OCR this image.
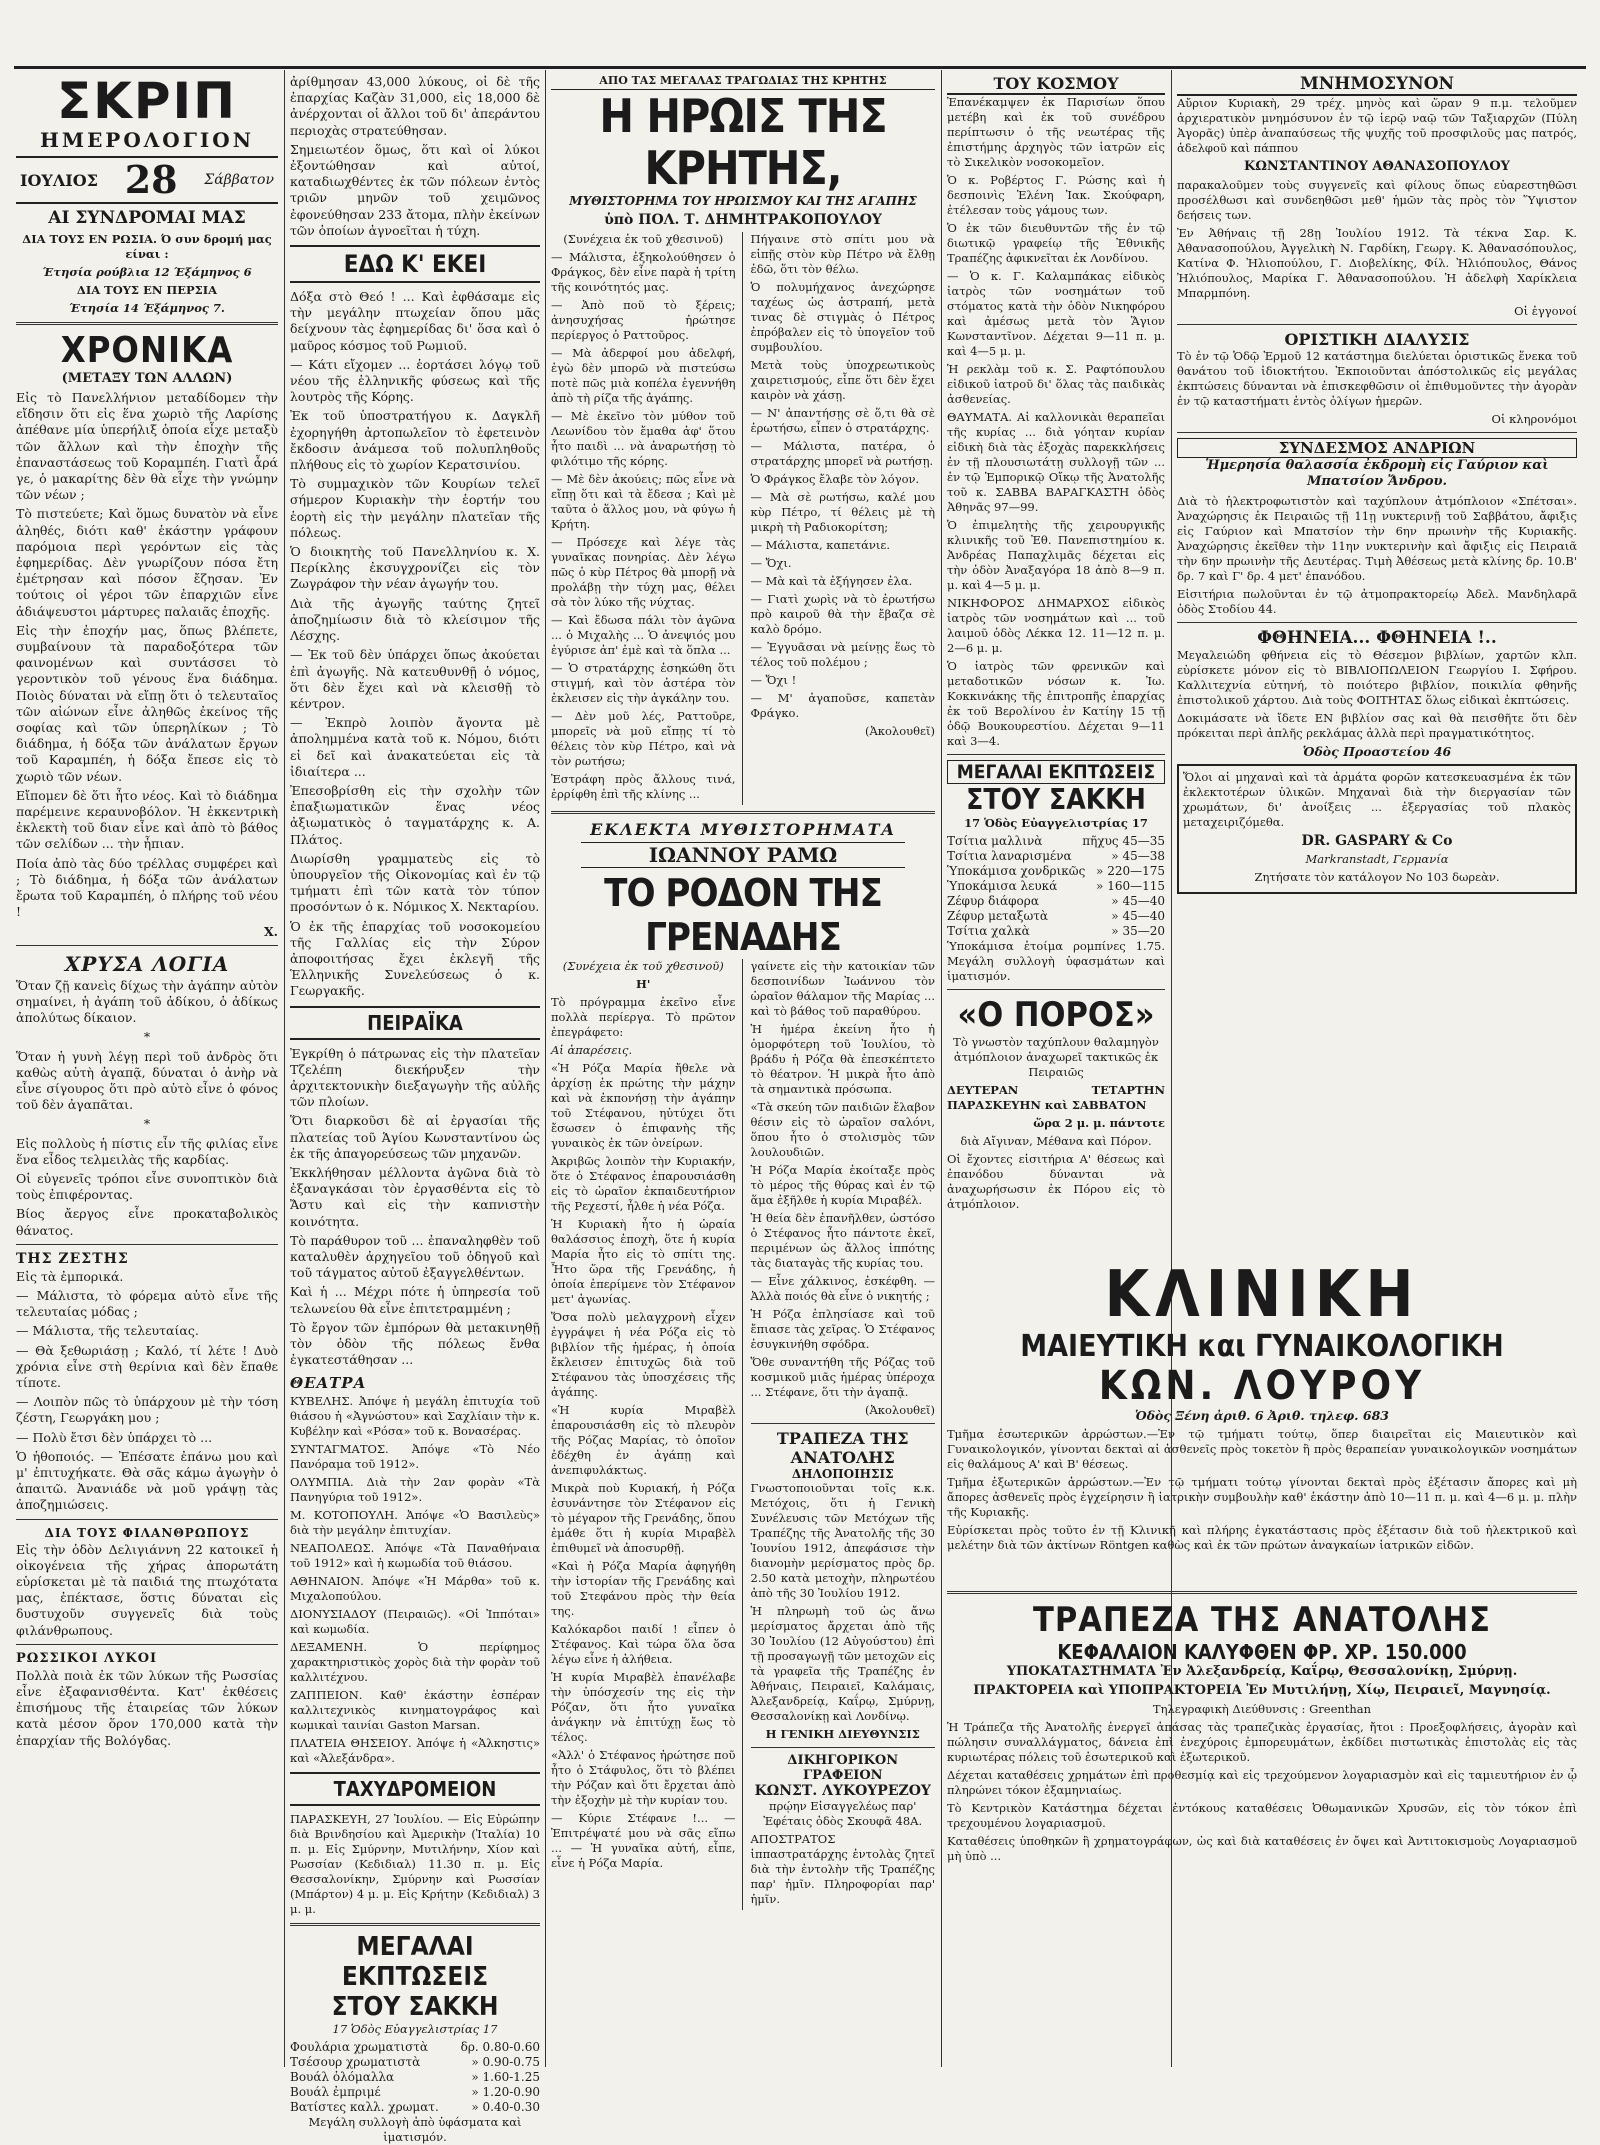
ΣΚΡΙΠ
ΗΜΕΡΟΛΟΓΙΟΝ
ΙΟΥΛΙΟΣ 28 Σάββατον
ΑΙ ΣΥΝΔΡΟΜΑΙ ΜΑΣ

ΔΙΑ ΤΟΥΣ ΕΝ ΡΩΣΙΑ. Ό συν δρομή μας είναι :

Έτησία ρούβλια 12 Έξάμηνος 6

ΔΙΑ ΤΟΥΣ ΕΝ ΠΕΡΣΙΑ

Έτησία 14 Έξάμηνος 7.

ΧΡΟΝΙΚΑ
(ΜΕΤΑΞΥ ΤΩΝ ΑΛΛΩΝ)

Εἰς τὸ Πανελλήνιον μεταδίδομεν τὴν εἴδησιν ὅτι εἰς ἕνα χωριὸ τῆς Λαρίσης ἀπέθανε μία ὑπερήλιξ ὁποία εἶχε μεταξὺ τῶν ἄλλων καὶ τὴν ἐποχὴν τῆς ἐπαναστάσεως τοῦ Κοραμπέη. Γιατὶ ἆρά γε, ὁ μακαρίτης δὲν θὰ εἶχε τὴν γνώμην τῶν νέων ;

Τὸ πιστεύετε; Καὶ ὅμως δυνατὸν νὰ εἶνε ἀληθές, διότι καθ' ἑκάστην γράφουν παρόμοια περὶ γερόντων εἰς τὰς ἐφημερίδας. Δὲν γνωρίζουν πόσα ἔτη ἐμέτρησαν καὶ πόσον ἔζησαν. Ἐν τούτοις οἱ γέροι τῶν ἐπαρχιῶν εἶνε ἀδιάψευστοι μάρτυρες παλαιᾶς ἐποχῆς.

Εἰς τὴν ἐποχήν μας, ὅπως βλέπετε, συμβαίνουν τὰ παραδοξότερα τῶν φαινομένων καὶ συντάσσει τὸ γεροντικὸν τοῦ γένους ἕνα διάδημα. Ποιὸς δύναται νὰ εἴπῃ ὅτι ὁ τελευταῖος τῶν αἰώνων εἶνε ἀληθῶς ἐκείνος τῆς σοφίας καὶ τῶν ὑπερηλίκων ; Τὸ διάδημα, ἡ δόξα τῶν ἀνάλατων ἔργων τοῦ Καραμπέη, ἡ δόξα ἔπεσε εἰς τὸ χωριὸ τῶν νέων.

Εἴπομεν δὲ ὅτι ἦτο νέος. Καὶ τὸ διάδημα παρέμεινε κεραυνοβόλον. Ἡ ἐκκεντρικὴ ἐκλεκτὴ τοῦ διαν εἶνε καὶ ἀπὸ τὸ βάθος τῶν σελίδων ... τὴν ἦπιαν.

Ποία ἀπὸ τὰς δύο τρέλλας συμφέρει καὶ ; Τὸ διάδημα, ἡ δόξα τῶν ἀνάλατων ἔρωτα τοῦ Καραμπέη, ὁ πλήρης τοῦ νέου !

X.

ΧΡΥΣΑ ΛΟΓΙΑ

Ὅταν ζῇ κανεὶς δίχως τὴν ἀγάπην αὐτὸν σημαίνει, ἡ ἀγάπη τοῦ ἀδίκου, ὁ ἀδίκως ἀπολύτως δίκαιον.

*

Ὅταν ἡ γυνὴ λέγῃ περὶ τοῦ ἀνδρὸς ὅτι καθὼς αὐτὴ ἀγαπᾷ, δύναται ὁ ἀνὴρ νὰ εἶνε σίγουρος ὅτι πρὸ αὐτὸ εἶνε ὁ φόνος τοῦ δὲν ἀγαπᾶται.

*

Εἰς πολλοὺς ἡ πίστις εἶν τῆς φιλίας εἶνε ἕνα εἶδος τελμειλὰς τῆς καρδίας.

Οἱ εὐγενεῖς τρόποι εἶνε συνοπτικὸν διὰ τοὺς ἐπιφέροντας.

Βίος ἄεργος εἶνε προκαταβολικὸς θάνατος.

ΤΗΣ ΖΕΣΤΗΣ

Εἰς τὰ ἐμπορικά.

— Μάλιστα, τὸ φόρεμα αὐτὸ εἶνε τῆς τελευταίας μόδας ;

— Μάλιστα, τῆς τελευταίας.

— Θὰ ξεθωριάσῃ ; Καλό, τί λέτε ! Δυὸ χρόνια εἶνε στὴ θερίνια καὶ δὲν ἔπαθε τίποτε.

— Λοιπὸν πῶς τὸ ὑπάρχουν μὲ τὴν τόση ζέστη, Γεωργάκη μου ;

— Πολὺ ἔτσι δὲν ὑπάρχει τὸ ...

Ὁ ἡθοποιός. — Ἐπέσατε ἐπάνω μου καὶ μ' ἐπιτυχήκατε. Θὰ σᾶς κάμω ἀγωγὴν ὁ ἀπαιτῶ. Ἀνανιάδε νὰ μοῦ γράψῃ τὰς ἀποζημιώσεις.

ΔΙΑ ΤΟΥΣ ΦΙΛΑΝΘΡΩΠΟΥΣ

Εἰς τὴν ὁδὸν Δελιγιάννη 22 κατοικεῖ ἡ οἰκογένεια τῆς χήρας ἀπορωτάτη εὑρίσκεται μὲ τὰ παιδιά της πτωχότατα μας, ἐπέκτασε, ὅστις δύναται εἰς δυστυχοῦν συγγενεῖς διὰ τοὺς φιλάνθρωπους.

ΡΩΣΣΙΚΟΙ ΛΥΚΟΙ

Πολλὰ ποιὰ ἐκ τῶν λύκων τῆς Ρωσσίας εἶνε ἐξαφανισθέντα. Κατ' ἐκθέσεις ἐπισήμους τῆς ἑταιρείας τῶν λύκων κατὰ μέσον ὅρον 170,000 κατὰ τὴν ἐπαρχίαν τῆς Βολόγδας.

ἀρίθμησαν 43,000 λύκους, οἱ δὲ τῆς ἐπαρχίας Καζὰν 31,000, εἰς 18,000 δὲ ἀνέρχονται οἱ ἄλλοι τοῦ δι' ἀπεράντου περιοχὰς στρατεύθησαν.

Σημειωτέον ὅμως, ὅτι καὶ οἱ λύκοι ἐξοντώθησαν καὶ αὐτοί, καταδιωχθέντες ἐκ τῶν πόλεων ἐντὸς τριῶν μηνῶν τοῦ χειμῶνος ἐφονεύθησαν 233 ἄτομα, πλὴν ἐκείνων τῶν ὁποίων ἀγνοεῖται ἡ τύχη.

ΕΔΩ Κ' ΕΚΕΙ

Δόξα στὸ Θεό ! ... Καὶ ἐφθάσαμε εἰς τὴν μεγάλην πτωχείαν ὅπου μᾶς δείχνουν τὰς ἐφημερίδας δι' ὅσα καὶ ὁ μαῦρος κόσμος τοῦ Ρωμιοῦ.

— Κάτι εἴχομεν ... ἑορτάσει λόγῳ τοῦ νέου τῆς ἑλληνικῆς φύσεως καὶ τῆς λουτρὸς τῆς Κόρης.

Ἐκ τοῦ ὑποστρατήγου κ. Δαγκλῆ ἐχορηγήθη ἀρτοπωλεῖον τὸ ἐφετεινὸν ἔκδοσιν ἀνάμεσα τοῦ πολυπληθοῦς πλήθους εἰς τὸ χωρίον Κερατσινίου.

Τὸ συμμαχικὸν τῶν Κουρίων τελεῖ σήμερον Κυριακὴν τὴν ἑορτήν του ἑορτὴ εἰς τὴν μεγάλην πλατεῖαν τῆς πόλεως.

Ὁ διοικητὴς τοῦ Πανελληνίου κ. Χ. Περίκλης ἐκσυγχρονίζει εἰς τὸν Ζωγράφον τὴν νέαν ἀγωγήν του.

Διὰ τῆς ἀγωγῆς ταύτης ζητεῖ ἀποζημίωσιν διὰ τὸ κλείσιμον τῆς Λέσχης.

— Ἐκ τοῦ δὲν ὑπάρχει ὅπως ἀκούεται ἐπὶ ἀγωγῆς. Νὰ κατευθυνθῇ ὁ νόμος, ὅτι δὲν ἔχει καὶ νὰ κλεισθῇ τὸ κέντρον.

— Ἐκπρὸ λοιπὸν ἄγοντα μὲ ἀπολημμένα κατὰ τοῦ κ. Νόμου, διότι εἰ δεῖ καὶ ἀνακατεύεται εἰς τὰ ἰδιαίτερα ...

Ἐπεσοβρίσθη εἰς τὴν σχολὴν τῶν ἐπαξιωματικῶν ἕνας νέος ἀξιωματικὸς ὁ ταγματάρχης κ. Α. Πλάτος.

Διωρίσθη γραμματεὺς εἰς τὸ ὑπουργεῖον τῆς Οἰκονομίας καὶ ἐν τῷ τμήματι ἐπὶ τῶν κατὰ τὸν τύπον προσόντων ὁ κ. Νόμικος Χ. Νεκταρίου.

Ὁ ἐκ τῆς ἐπαρχίας τοῦ νοσοκομείου τῆς Γαλλίας εἰς τὴν Σύρον ἀποφοιτήσας ἔχει ἐκλεγῆ τῆς Ἑλληνικῆς Συνελεύσεως ὁ κ. Γεωργακῆς.

ΠΕΙΡΑΪΚΑ

Ἐγκρίθη ὁ πάτρωνας εἰς τὴν πλατεῖαν Τζελέπη διεκήρυξεν τὴν ἀρχιτεκτονικὴν διεξαγωγὴν τῆς αὐλῆς τῶν πλοίων.

Ὅτι διαρκοῦσι δὲ αἱ ἐργασίαι τῆς πλατείας τοῦ Ἁγίου Κωνσταντίνου ὡς ἐκ τῆς ἀπαγορεύσεως τῶν μηχανῶν.

Ἐκκλήθησαν μέλλοντα ἀγῶνα διὰ τὸ ἐξαναγκάσαι τὸν ἐργασθέντα εἰς τὸ Ἄστυ καὶ εἰς τὴν καπνιστὴν κοινότητα.

Τὸ παράθυρον τοῦ ... ἐπαναληφθὲν τοῦ καταλυθὲν ἀρχηγεῖου τοῦ ὁδηγοῦ καὶ τοῦ τάγματος αὐτοῦ ἐξαγγελθέντων.

Καὶ ἡ ... Μέχρι πότε ἡ ὑπηρεσία τοῦ τελωνείου θὰ εἶνε ἐπιτετραμμένη ;

Τὸ ἔργον τῶν ἐμπόρων θὰ μετακινηθῇ τὸν ὁδὸν τῆς πόλεως ἔνθα ἐγκατεστάθησαν ...

ΘΕΑΤΡΑ

ΚΥΒΕΛΗΣ. Ἀπόψε ἡ μεγάλη ἐπιτυχία τοῦ θιάσου ἡ «Ἀγνώστου» καὶ Σαχλίαιν τὴν κ. Κυβέλην καὶ «Ρόσα» τοῦ κ. Βονασέρας.

ΣΥΝΤΑΓΜΑΤΟΣ. Ἀπόψε «Τὸ Νέο Πανόραμα τοῦ 1912».

ΟΛΥΜΠΙΑ. Διὰ τὴν 2αν φορὰν «Τὰ Πανηγύρια τοῦ 1912».

Μ. ΚΟΤΟΠΟΥΛΗ. Ἀπόψε «Ὁ Βασιλεὺς» διὰ τὴν μεγάλην ἐπιτυχίαν.

ΝΕΑΠΟΛΕΩΣ. Ἀπόψε «Τὰ Παναθήναια τοῦ 1912» καὶ ἡ κωμωδία τοῦ θιάσου.

ΑΘΗΝΑΙΟΝ. Ἀπόψε «Ἡ Μάρθα» τοῦ κ. Μιχαλοπούλου.

ΔΙΟΝΥΣΙΑΔΟΥ (Πειραιῶς). «Οἱ Ἰππόται» καὶ κωμωδία.

ΔΕΞΑΜΕΝΗ. Ὁ περίφημος χαρακτηριστικὸς χορὸς διὰ τὴν φορὰν τοῦ καλλιτέχνου.

ΖΑΠΠΕΙΟΝ. Καθ' ἑκάστην ἑσπέραν καλλιτεχνικὸς κινηματογράφος καὶ κωμικαὶ ταινίαι Gaston Marsan.

ΠΛΑΤΕΙΑ ΘΗΣΕΙΟΥ. Ἀπόψε ἡ «Ἀλκηστις» καὶ «Ἀλεξάνδρα».

ΤΑΧΥΔΡΟΜΕΙΟΝ

ΠΑΡΑΣΚΕΥΗ, 27 Ἰουλίου. — Εἰς Εὐρώπην διὰ Βρινδησίου καὶ Ἀμερικὴν (Ἰταλία) 10 π. μ. Εἰς Σμύρνην, Μυτιλήνην, Χίον καὶ Ρωσσίαν (Κεδιδιαλ) 11.30 π. μ. Εἰς Θεσσαλονίκην, Σμύρνην καὶ Ρωσσίαν (Μπάρτον) 4 μ. μ. Εἰς Κρήτην (Κεδιδιαλ) 3 μ. μ.

ΜΕΓΑΛΑΙ ΕΚΠΤΩΣΕΙΣ
ΣΤΟΥ ΣΑΚΚΗ

17 Ὁδὸς Εὐαγγελιστρίας 17

Φουλάρια χρωματιστὰ	δρ. 0.80-0.60
Τσέσουρ χρωματιστὰ	» 0.90-0.75
Βουάλ ὁλόμαλλα	» 1.60-1.25
Βουάλ ἐμπριμέ	» 1.20-0.90
Βατίστες καλλ. χρωματ.	» 0.40-0.30

Μεγάλη συλλογὴ ἀπὸ ὑφάσματα καὶ ἱματισμόν.

ΑΠΟ ΤΑΣ ΜΕΓΑΛΑΣ ΤΡΑΓΩΔΙΑΣ ΤΗΣ ΚΡΗΤΗΣ
Η ΗΡΩΙΣ ΤΗΣ ΚΡΗΤΗΣ,
ΜΥΘΙΣΤΟΡΗΜΑ ΤΟΥ ΗΡΩΙΣΜΟΥ ΚΑΙ ΤΗΣ ΑΓΑΠΗΣ
ὑπὸ ΠΟΛ. Τ. ΔΗΜΗΤΡΑΚΟΠΟΥΛΟΥ

(Συνέχεια ἐκ τοῦ χθεσινοῦ)

— Μάλιστα, ἐξηκολούθησεν ὁ Φράγκος, δὲν εἶνε παρὰ ἡ τρίτη τῆς κοινότητός μας.

— Ἀπὸ ποῦ τὸ ξέρεις; ἀνησυχήσας ἠρώτησε περίεργος ὁ Ραττοῦρος.

— Μὰ ἀδερφοί μου ἀδελφή, ἐγὼ δὲν μπορῶ νὰ πιστεύσω ποτὲ πῶς μιὰ κοπέλα ἐγεννήθη ἀπὸ τὴ ρίζα τῆς ἀγάπης.

— Μὲ ἐκεῖνο τὸν μύθον τοῦ Λεωνίδου τὸν ἔμαθα ἀφ' ὅτου ἦτο παιδὶ ... νὰ ἀναρωτήσῃ τὸ φιλότιμο τῆς κόρης.

— Μὲ δὲν ἀκούεις; πῶς εἶνε νὰ εἴπῃ ὅτι καὶ τὰ ἔδεσα ; Καὶ μὲ ταῦτα ὁ ἅλλος μου, νὰ φύγω ἡ Κρήτη.

— Πρόσεχε καὶ λέγε τὰς γυναῖκας πονηρίας. Δὲν λέγω πῶς ὁ κὺρ Πέτρος θὰ μπορῇ νὰ προλάβῃ τὴν τύχη μας, θέλει σὰ τὸν λύκο τῆς νύχτας.

— Καὶ ἔδωσα πάλι τὸν ἀγῶνα ... ὁ Μιχαλὴς ... Ὁ ἀνεψιός μου ἐγύρισε ἀπ' ἐμὲ καὶ τὰ ὅπλα ...

— Ὁ στρατάρχης ἐσηκώθη ὅτι στιγμή, καὶ τὸν ἀστέρα τὸν ἐκλεισεν εἰς τὴν ἀγκάλην του.

— Δὲν μοῦ λές, Ραττοῦρε, μπορεῖς νὰ μοῦ εἴπῃς τί τὸ θέλεις τὸν κὺρ Πέτρο, καὶ νὰ τὸν ρωτήσω;

Ἐστράφη πρὸς ἄλλους τινά, ἐρρίφθη ἐπὶ τῆς κλίνης ...

Πήγαινε στὸ σπίτι μου νὰ εἰπῇς στὸν κὺρ Πέτρο νὰ ἔλθῃ ἐδῶ, ὅτι τὸν θέλω.

Ὁ πολυμήχανος ἀνεχώρησε ταχέως ὡς ἀστραπή, μετὰ τινας δὲ στιγμὰς ὁ Πέτρος ἐπρόβαλεν εἰς τὸ ὑπογεῖον τοῦ συμβουλίου.

Μετὰ τοὺς ὑποχρεωτικοὺς χαιρετισμούς, εἶπε ὅτι δὲν ἔχει καιρὸν νὰ χάσῃ.

— Ν' ἀπαντήσῃς σὲ ὅ,τι θὰ σὲ ἐρωτήσω, εἶπεν ὁ στρατάρχης.

— Μάλιστα, πατέρα, ὁ στρατάρχης μπορεῖ νὰ ρωτήσῃ.

Ὁ Φράγκος ἔλαβε τὸν λόγον.

— Μὰ σὲ ρωτήσω, καλέ μου κὺρ Πέτρο, τί θέλεις μὲ τὴ μικρὴ τὴ Ραδιοκορίτση;

— Μάλιστα, καπετάνιε.

— Ὄχι.

— Μὰ καὶ τὰ ἐξήγησεν ἐλα.

— Γιατὶ χωρὶς νὰ τὸ ἐρωτήσω πρὸ καιροῦ θὰ τὴν ἔβαζα σὲ καλὸ δρόμο.

— Ἐγγυᾶσαι νὰ μείνῃς ἕως τὸ τέλος τοῦ πολέμου ;

— Ὄχι !

— Μ' ἀγαποῦσε, καπετὰν Φράγκο.

(Ἀκολουθεῖ)

ΕΚΛΕΚΤΑ ΜΥΘΙΣΤΟΡΗΜΑΤΑ
ΙΩΑΝΝΟΥ ΡΑΜΩ
ΤΟ ΡΟΔΟΝ ΤΗΣ ΓΡΕΝΑΔΗΣ

(Συνέχεια ἐκ τοῦ χθεσινοῦ)

Η'

Τὸ πρόγραμμα ἐκεῖνο εἶνε πολλὰ περίεργα. Τὸ πρῶτον ἐπεγράφετο:

Αἱ ἀπαρέσεις.

«Ἡ Ρόζα Μαρία ἤθελε νὰ ἀρχίσῃ ἐκ πρώτης τὴν μάχην καὶ νὰ ἐκπονήσῃ τὴν ἀγάπην τοῦ Στέφανου, ηὐτύχει ὅτι ἔσωσεν ὁ ἐπιφανὴς τῆς γυναικὸς ἐκ τῶν ὀνείρων.

Ἀκριβῶς λοιπὸν τὴν Κυριακήν, ὅτε ὁ Στέφανος ἐπαρουσιάσθη εἰς τὸ ὡραῖον ἐκπαιδευτήριον τῆς Ρεχεστί, ἦλθε ἡ νέα Ρόζα.

Ἡ Κυριακὴ ἦτο ἡ ὡραία θαλάσσιος ἐποχὴ, ὅτε ἡ κυρία Μαρία ἦτο εἰς τὸ σπίτι της. Ἦτο ὥρα τῆς Γρενάδης, ἡ ὁποία ἐπερίμενε τὸν Στέφανον μετ' ἀγωνίας.

Ὅσα πολὺ μελαγχρονὴ εἶχεν ἐγγράψει ἡ νέα Ρόζα εἰς τὸ βιβλίον τῆς ἡμέρας, ἡ ὁποία ἔκλεισεν ἐπιτυχῶς διὰ τοῦ Στέφανου τὰς ὑποσχέσεις τῆς ἀγάπης.

«Ἡ κυρία Μιραβὲλ ἐπαρουσιάσθη εἰς τὸ πλευρὸν τῆς Ρόζας Μαρίας, τὸ ὁποῖον ἐδέχθη ἐν ἀγάπῃ καὶ ἀνεπιφυλάκτως.

Μικρὰ ποὺ Κυριακή, ἡ Ρόζα ἐσυνάντησε τὸν Στέφανον εἰς τὸ μέγαρον τῆς Γρενάδης, ὅπου ἐμάθε ὅτι ἡ κυρία Μιραβὲλ ἐπιθυμεῖ νὰ ἀποσυρθῇ.

«Καὶ ἡ Ρόζα Μαρία ἀφηγήθη τὴν ἱστορίαν τῆς Γρενάδης καὶ τοῦ Στεφάνου πρὸς τὴν θεία της.

Καλόκαρδοι παιδί ! εἶπεν ὁ Στέφανος. Καὶ τώρα ὅλα ὅσα λέγω εἶνε ἡ ἀλήθεια.

Ἡ κυρία Μιραβὲλ ἐπανέλαβε τὴν ὑπόσχεσίν της εἰς τὴν Ρόζαν, ὅτι ἦτο γυναῖκα ἀνάγκην νὰ ἐπιτύχῃ ἔως τὸ τέλος.

«Ἀλλ' ὁ Στέφανος ἠρώτησε ποῦ ἦτο ὁ Στάφυλος, ὅτι τὸ βλέπει τὴν Ρόζαν καὶ ὅτι ἔρχεται ἀπὸ τὴν ἐξοχὴν μὲ τὴν κυρίαν του.

— Κύριε Στέφανε !... — Ἐπιτρέψατέ μου νὰ σᾶς εἴπω ... — Ἡ γυναῖκα αὐτή, εἶπε, εἶνε ἡ Ρόζα Μαρία.

γαίνετε εἰς τὴν κατοικίαν τῶν δεσποινίδων Ἰωάννου τὸν ὡραῖον θάλαμον τῆς Μαρίας ... καὶ τὸ βάθος τοῦ παραθύρου.

Ἡ ἡμέρα ἐκείνη ἦτο ἡ ὁμορφότερη τοῦ Ἰουλίου, τὸ βράδυ ἡ Ρόζα θὰ ἐπεσκέπτετο τὸ θέατρον. Ἡ μικρὰ ἦτο ἀπὸ τὰ σημαντικὰ πρόσωπα.

«Τὰ σκεύη τῶν παιδιῶν ἔλαβον θέσιν εἰς τὸ ὡραῖον σαλόνι, ὅπου ἦτο ὁ στολισμὸς τῶν λουλουδιῶν.

Ἡ Ρόζα Μαρία ἐκοίταξε πρὸς τὸ μέρος τῆς θύρας καὶ ἐν τῷ ἅμα ἐξῆλθε ἡ κυρία Μιραβέλ.

Ἡ θεία δὲν ἐπανῆλθεν, ὡστόσο ὁ Στέφανος ἦτο πάντοτε ἐκεῖ, περιμένων ὡς ἄλλος ἱππότης τὰς διαταγὰς τῆς κυρίας του.

— Εἶνε χάλκινος, ἐσκέφθη. — Ἀλλὰ ποιός θὰ εἶνε ὁ νικητής ;

Ἡ Ρόζα ἐπλησίασε καὶ τοῦ ἔπιασε τὰς χεῖρας. Ὁ Στέφανος ἐσυγκινήθη σφόδρα.

Ὅθε συναντήθη τῆς Ρόζας τοῦ κοσμικοῦ μιᾶς ἡμέρας ὑπέροχα ... Στέφανε, ὅτι τὴν ἀγαπᾷ.

(Ἀκολουθεῖ)

ΤΡΑΠΕΖΑ ΤΗΣ ΑΝΑΤΟΛΗΣ
ΔΗΛΟΠΟΙΗΣΙΣ

Γνωστοποιοῦνται τοῖς κ.κ. Μετόχοις, ὅτι ἡ Γενικὴ Συνέλευσις τῶν Μετόχων τῆς Τραπέζης τῆς Ἀνατολῆς τῆς 30 Ἰουνίου 1912, ἀπεφάσισε τὴν διανομὴν μερίσματος πρὸς δρ. 2.50 κατὰ μετοχὴν, πληρωτέου ἀπὸ τῆς 30 Ἰουλίου 1912.

Ἡ πληρωμὴ τοῦ ὡς ἄνω μερίσματος ἄρχεται ἀπὸ τῆς 30 Ἰουλίου (12 Αὐγούστου) ἐπὶ τῇ προσαγωγῇ τῶν μετοχῶν εἰς τὰ γραφεῖα τῆς Τραπέζης ἐν Ἀθήναις, Πειραιεῖ, Καλάμαις, Ἀλεξανδρείᾳ, Καΐρῳ, Σμύρνῃ, Θεσσαλονίκῃ καὶ Λονδίνῳ.

Η ΓΕΝΙΚΗ ΔΙΕΥΘΥΝΣΙΣ

ΔΙΚΗΓΟΡΙΚΟΝ ΓΡΑΦΕΙΟΝ
ΚΩΝΣΤ. ΛΥΚΟΥΡΕΖΟΥ

πρῴην Εἰσαγγελέως παρ' Ἐφέταις ὁδὸς Σκουφᾶ 48Α.

ΑΠΟΣΤΡΑΤΟΣ ἱππαστρατάρχης ἐντολὰς ζητεῖ διὰ τὴν ἐντολὴν τῆς Τραπέζης παρ' ἡμῖν. Πληροφορίαι παρ' ἡμῖν.

ΤΟΥ ΚΟΣΜΟΥ

Ἐπανέκαμψεν ἐκ Παρισίων ὅπου μετέβη καὶ ἐκ τοῦ συνέδρου περίπτωσιν ὁ τῆς νεωτέρας τῆς ἐπιστήμης ἀρχηγὸς τῶν ἰατρῶν εἰς τὸ Σικελικὸν νοσοκομεῖον.

Ὁ κ. Ροβέρτος Γ. Ρώσης καὶ ἡ δεσποινὶς Ἑλένη Ἰακ. Σκούφαρη, ἐτέλεσαν τοὺς γάμους των.

Ὁ ἐκ τῶν διευθυντῶν τῆς ἐν τῷ διωτικῷ γραφείῳ τῆς Ἐθνικῆς Τραπέζης ἀφικνεῖται ἐκ Λονδίνου.

— Ὁ κ. Γ. Καλαμπάκας εἰδικὸς ἰατρὸς τῶν νοσημάτων τοῦ στόματος κατὰ τὴν ὁδὸν Νικηφόρου καὶ ἀμέσως μετὰ τὸν Ἅγιον Κωνσταντῖνον. Δέχεται 9—11 π. μ. καὶ 4—5 μ. μ.

Ἡ ρεκλὰμ τοῦ κ. Σ. Ραφτόπουλου εἰδικοῦ ἰατροῦ δι' ὅλας τὰς παιδικὰς ἀσθενείας.

ΘΑΥΜΑΤΑ. Αἱ καλλονικὰι θεραπεῖαι τῆς κυρίας ... διὰ γόηταν κυρίαν εἰδικὴ διὰ τὰς ἐξοχὰς παρεκκλήσεις ἐν τῇ πλουσιωτάτῃ συλλογῇ τῶν ... ἐν τῷ Ἐμπορικῷ Οἴκῳ τῆς Ἀνατολῆς τοῦ κ. ΣΑΒΒΑ ΒΑΡΑΓΚΑΣΤΗ ὁδὸς Ἀθηνᾶς 97—99.

Ὁ ἐπιμελητὴς τῆς χειρουργικῆς κλινικῆς τοῦ Ἐθ. Πανεπιστημίου κ. Ἀνδρέας Παπαχλιμᾶς δέχεται εἰς τὴν ὁδὸν Ἀναξαγόρα 18 ἀπὸ 8—9 π. μ. καὶ 4—5 μ. μ.

ΝΙΚΗΦΟΡΟΣ ΔΗΜΑΡΧΟΣ εἰδικὸς ἰατρὸς τῶν νοσημάτων καὶ ... τοῦ λαιμοῦ ὁδὸς Λέκκα 12. 11—12 π. μ. 2—6 μ. μ.

Ὁ ἰατρὸς τῶν φρενικῶν καὶ μεταδοτικῶν νόσων κ. Ἰω. Κοκκινάκης τῆς ἐπιτροπῆς ἐπαρχίας ἐκ τοῦ Βερολίνου ἐν Κατίηγ 15 τῇ ὁδῷ Βουκουρεστίου. Δέχεται 9—11 καὶ 3—4.

ΜΕΓΑΛΑΙ ΕΚΠΤΩΣΕΙΣ
ΣΤΟΥ ΣΑΚΚΗ

17 Ὁδὸς Εὐαγγελιστρίας 17

Τσίτια μαλλινὰ	πῆχυς 45—35
Τσίτια λαναρισμένα	» 45—38
Ὑποκάμισα χονδρικῶς » 220—175
Ὑποκάμισα λευκά	» 160—115
Ζέφυρ διάφορα	» 45—40
Ζέφυρ μεταξωτὰ	» 45—40
Τσίτια χαλκὰ	» 35—20

Ὑποκάμισα ἐτοίμα ρομπίνες 1.75. Μεγάλη συλλογὴ ὑφασμάτων καὶ ἱματισμόν.

«Ο ΠΟΡΟΣ»

Τὸ γνωστὸν ταχύπλουν θαλαμηγὸν ἀτμόπλοιον ἀναχωρεῖ τακτικῶς ἐκ Πειραιῶς

ΔΕΥΤΕΡΑΝ ΤΕΤΑΡΤΗΝ ΠΑΡΑΣΚΕΥΗΝ καὶ ΣΑΒΒΑΤΟΝ

ὥρα 2 μ. μ. πάντοτε

διὰ Αἴγιναν, Μέθανα καὶ Πόρον.

Οἱ ἔχοντες εἰσιτήρια Α' θέσεως καὶ ἐπανόδου δύνανται νὰ ἀναχωρήσωσιν ἐκ Πόρου εἰς τὸ ἀτμόπλοιον.

ΜΝΗΜΟΣΥΝΟΝ

Αὔριον Κυριακὴ, 29 τρέχ. μηνὸς καὶ ὥραν 9 π.μ. τελοῦμεν ἀρχιερατικὸν μνημόσυνον ἐν τῷ ἱερῷ ναῷ τῶν Ταξιαρχῶν (Πύλη Ἀγορᾶς) ὑπὲρ ἀναπαύσεως τῆς ψυχῆς τοῦ προσφιλοῦς μας πατρός, ἀδελφοῦ καὶ πάππου

ΚΩΝΣΤΑΝΤΙΝΟΥ ΑΘΑΝΑΣΟΠΟΥΛΟΥ

παρακαλοῦμεν τοὺς συγγενεῖς καὶ φίλους ὅπως εὐαρεστηθῶσι προσέλθωσι καὶ συνδεηθῶσι μεθ' ἡμῶν τὰς πρὸς τὸν Ὕψιστον δεήσεις των.

Ἐν Ἀθήναις τῇ 28ῃ Ἰουλίου 1912. Τὰ τέκνα Σαρ. Κ. Ἀθανασοπούλου, Ἀγγελικὴ Ν. Γαρδίκη, Γεωργ. Κ. Ἀθανασόπουλος, Κατίνα Φ. Ἠλιοπούλου, Γ. Διοβελίκης, Φίλ. Ἠλιόπουλος, Θάνος Ἠλιόπουλος, Μαρίκα Γ. Ἀθανασοπούλου. Ἡ ἀδελφὴ Χαρίκλεια Μπαρμπόνη.

Οἱ ἐγγονοί

ΟΡΙΣΤΙΚΗ ΔΙΑΛΥΣΙΣ

Τὸ ἐν τῷ Ὁδῷ Ἑρμοῦ 12 κατάστημα διελύεται ὁριστικῶς ἕνεκα τοῦ θανάτου τοῦ ἰδιοκτήτου. Ἐκποιοῦνται ἀπόστολικῶς εἰς μεγάλας ἐκπτώσεις δύνανται νὰ ἐπισκεφθῶσιν οἱ ἐπιθυμοῦντες τὴν ἀγορὰν ἐν τῷ καταστήματι ἐντὸς ὀλίγων ἡμερῶν.

Οἱ κληρονόμοι

ΣΥΝΔΕΣΜΟΣ ΑΝΔΡΙΩΝ

Ἡμερησία θαλασσία ἐκδρομὴ εἰς Γαύριον καὶ Μπατσίον Ἄνδρου.

Διὰ τὸ ἡλεκτροφωτιστὸν καὶ ταχύπλουν ἀτμόπλοιον «Σπέτσαι». Ἀναχώρησις ἐκ Πειραιῶς τῇ 11ῃ νυκτερινῇ τοῦ Σαββάτου, ἄφιξις εἰς Γαύριον καὶ Μπατσίον τὴν 6ην πρωινὴν τῆς Κυριακῆς. Ἀναχώρησις ἐκεῖθεν τὴν 11ην νυκτερινὴν καὶ ἄφιξις εἰς Πειραιᾶ τὴν 6ην πρωινὴν τῆς Δευτέρας. Τιμὴ Ἀθέσεως μετὰ κλίνης δρ. 10.Β' δρ. 7 καὶ Γ' δρ. 4 μετ' ἐπανόδου.

Εἰσιτήρια πωλοῦνται ἐν τῷ ἀτμοπρακτορείῳ Ἀδελ. Μανδηλαρᾶ ὁδὸς Στοδίου 44.

ΦΘΗΝΕΙΑ... ΦΘΗΝΕΙΑ !..

Μεγαλειώδη φθήνεια εἰς τὸ Θέσεμον βιβλίων, χαρτῶν κλπ. εὑρίσκετε μόνον εἰς τὸ ΒΙΒΛΙΟΠΩΛΕΙΟΝ Γεωργίου Ι. Σφήρου. Καλλιτεχνία εὐτηνή, τὸ ποιότερο βιβλίον, ποικιλία φθηνῆς ἐπιστολικοῦ χάρτου. Διὰ τοὺς ΦΟΙΤΗΤΑΣ ὅλως εἰδικαὶ ἐκπτώσεις.

Δοκιμάσατε νὰ ἴδετε ΕΝ βιβλίον σας καὶ θὰ πεισθῆτε ὅτι δὲν πρόκειται περὶ ἁπλῆς ρεκλάμας ἀλλὰ περὶ πραγματικότητος.

Ὁδὸς Προαστείου 46

Ὅλοι αἱ μηχαναὶ καὶ τὰ ἀρμάτα φορῶν κατεσκευασμένα ἐκ τῶν ἐκλεκτοτέρων ὑλικῶν. Μηχαναὶ διὰ τὴν διεργασίαν τῶν χρωμάτων, δι' ἀνοίξεις ... ἐξεργασίας τοῦ πλακὸς μεταχειριζόμεθα.

DR. GASPARY & Co

Markranstadt, Γερμανία

Ζητήσατε τὸν κατάλογον Νο 103 δωρεὰν.

ΚΛΙΝΙΚΗ
ΜΑΙΕΥΤΙΚΗ και ΓΥΝΑΙΚΟΛΟΓΙΚΗ
ΚΩΝ. ΛΟΥΡΟΥ

Ὁδὸς Ξένη ἀριθ. 6 Ἀριθ. τηλεφ. 683

Τμῆμα ἐσωτερικῶν ἀρρώστων.—Ἐν τῷ τμήματι τούτῳ, ὅπερ διαιρεῖται εἰς Μαιευτικὸν καὶ Γυναικολογικόν, γίνονται δεκταὶ αἱ ἀσθενεῖς πρὸς τοκετὸν ἢ πρὸς θεραπείαν γυναικολογικῶν νοσημάτων εἰς θαλάμους Α' καὶ Β' θέσεως.

Τμῆμα ἐξωτερικῶν ἀρρώστων.—Ἐν τῷ τμήματι τούτῳ γίνονται δεκταὶ πρὸς ἐξέτασιν ἄπορες καὶ μὴ ἄπορες ἀσθενεῖς πρὸς ἐγχείρησιν ἢ ἰατρικὴν συμβουλὴν καθ' ἑκάστην ἀπὸ 10—11 π. μ. καὶ 4—6 μ. μ. πλὴν τῆς Κυριακῆς.

Εὑρίσκεται πρὸς τοῦτο ἐν τῇ Κλινικῇ καὶ πλήρης ἐγκατάστασις πρὸς ἐξέτασιν διὰ τοῦ ἠλεκτρικοῦ καὶ μελέτην διὰ τῶν ἀκτίνων Röntgen καθὼς καὶ ἐκ τῶν πρώτων ἀναγκαίων ἰατρικῶν εἰδῶν.

ΤΡΑΠΕΖΑ ΤΗΣ ΑΝΑΤΟΛΗΣ
ΚΕΦΑΛΑΙΟΝ ΚΑΛΥΦΘΕΝ ΦΡ. ΧΡ. 150.000

ΥΠΟΚΑΤΑΣΤΗΜΑΤΑ Ἐν Ἀλεξανδρείᾳ, Καΐρῳ, Θεσσαλονίκῃ, Σμύρνῃ.

ΠΡΑΚΤΟΡΕΙΑ καὶ ΥΠΟΠΡΑΚΤΟΡΕΙΑ Ἐν Μυτιλήνῃ, Χίῳ, Πειραιεῖ, Μαγνησίᾳ.

Τηλεγραφικὴ Διεύθυνσις : Greenthan

Ἡ Τράπεζα τῆς Ἀνατολῆς ἐνεργεῖ ἁπάσας τὰς τραπεζικὰς ἐργασίας, ἤτοι : Προεξοφλήσεις, ἀγορὰν καὶ πώλησιν συναλλάγματος, δάνεια ἐπὶ ἐνεχύροις ἐμπορευμάτων, ἐκδίδει πιστωτικὰς ἐπιστολὰς εἰς τὰς κυριωτέρας πόλεις τοῦ ἐσωτερικοῦ καὶ ἐξωτερικοῦ.

Δέχεται καταθέσεις χρημάτων ἐπὶ προθεσμίᾳ καὶ εἰς τρεχούμενον λογαριασμὸν καὶ εἰς ταμιευτήριον ἐν ᾧ πληρώνει τόκον ἐξαμηνιαίως.

Τὸ Κεντρικὸν Κατάστημα δέχεται ἐντόκους καταθέσεις Ὀθωμανικῶν Χρυσῶν, εἰς τὸν τόκον ἐπὶ τρεχουμένου λογαριασμοῦ.

Καταθέσεις ὑποθηκῶν ἢ χρηματογράφων, ὡς καὶ διὰ καταθέσεις ἐν ὄψει καὶ Ἀντιτοκισμοὺς Λογαριασμοῦ μὴ ὑπὸ ...
